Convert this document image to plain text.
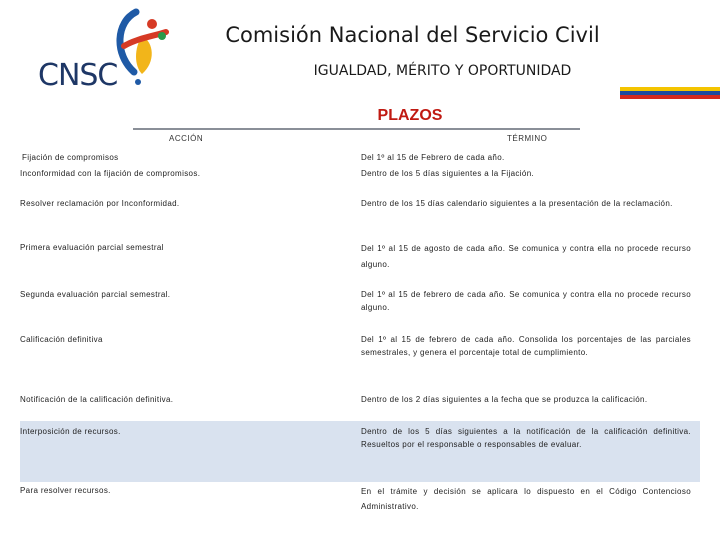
CNSC
Comisión Nacional del Servicio Civil
IGUALDAD, MÉRITO Y OPORTUNIDAD
PLAZOS
ACCIÓN	TÉRMINO
Fijación de compromisos	Del 1º al 15 de Febrero de cada año.
Inconformidad con la fijación de compromisos.	Dentro de los 5 días siguientes a la Fijación.
Resolver reclamación por Inconformidad.	Dentro de los 15 días calendario siguientes a la presentación de la reclamación.
Primera evaluación parcial semestral	Del 1º al 15 de agosto de cada año. Se comunica y contra ella no procede recurso alguno.
Segunda evaluación parcial semestral.	Del 1º al 15 de febrero de cada año. Se comunica y contra ella no procede recurso alguno.
Calificación definitiva	Del 1º al 15 de febrero de cada año. Consolida los porcentajes de las parciales semestrales, y genera el porcentaje total de cumplimiento.
Notificación de la calificación definitiva.	Dentro de los 2 días siguientes a la fecha que se produzca la calificación.
Interposición de recursos.	Dentro de los 5 días siguientes a la notificación de la calificación definitiva. Resueltos por el responsable o responsables de evaluar.
Para resolver recursos.	En el trámite y decisión se aplicara lo dispuesto en el Código Contencioso Administrativo.
